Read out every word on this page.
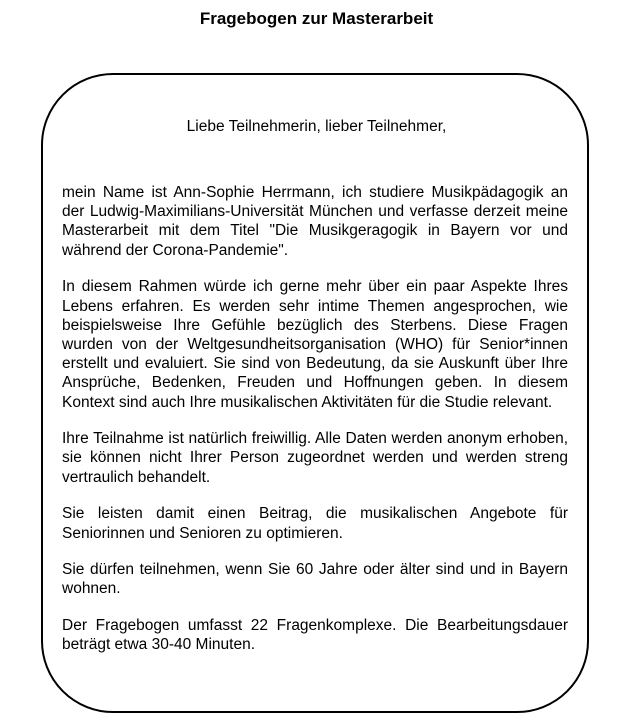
Fragebogen zur Masterarbeit
Liebe Teilnehmerin, lieber Teilnehmer,

mein Name ist Ann-Sophie Herrmann, ich studiere Musikpädagogik an der Ludwig-Maximilians-Universität München und verfasse derzeit meine Masterarbeit mit dem Titel "Die Musikgeragogik in Bayern vor und während der Corona-Pandemie".

In diesem Rahmen würde ich gerne mehr über ein paar Aspekte Ihres Lebens erfahren. Es werden sehr intime Themen angesprochen, wie beispielsweise Ihre Gefühle bezüglich des Sterbens. Diese Fragen wurden von der Weltgesundheitsorganisation (WHO) für Senior*innen erstellt und evaluiert. Sie sind von Bedeutung, da sie Auskunft über Ihre Ansprüche, Bedenken, Freuden und Hoffnungen geben. In diesem Kontext sind auch Ihre musikalischen Aktivitäten für die Studie relevant.

Ihre Teilnahme ist natürlich freiwillig. Alle Daten werden anonym erhoben, sie können nicht Ihrer Person zugeordnet werden und werden streng vertraulich behandelt.

Sie leisten damit einen Beitrag, die musikalischen Angebote für Seniorinnen und Senioren zu optimieren.

Sie dürfen teilnehmen, wenn Sie 60 Jahre oder älter sind und in Bayern wohnen.

Der Fragebogen umfasst 22 Fragenkomplexe. Die Bearbeitungsdauer beträgt etwa 30-40 Minuten.
